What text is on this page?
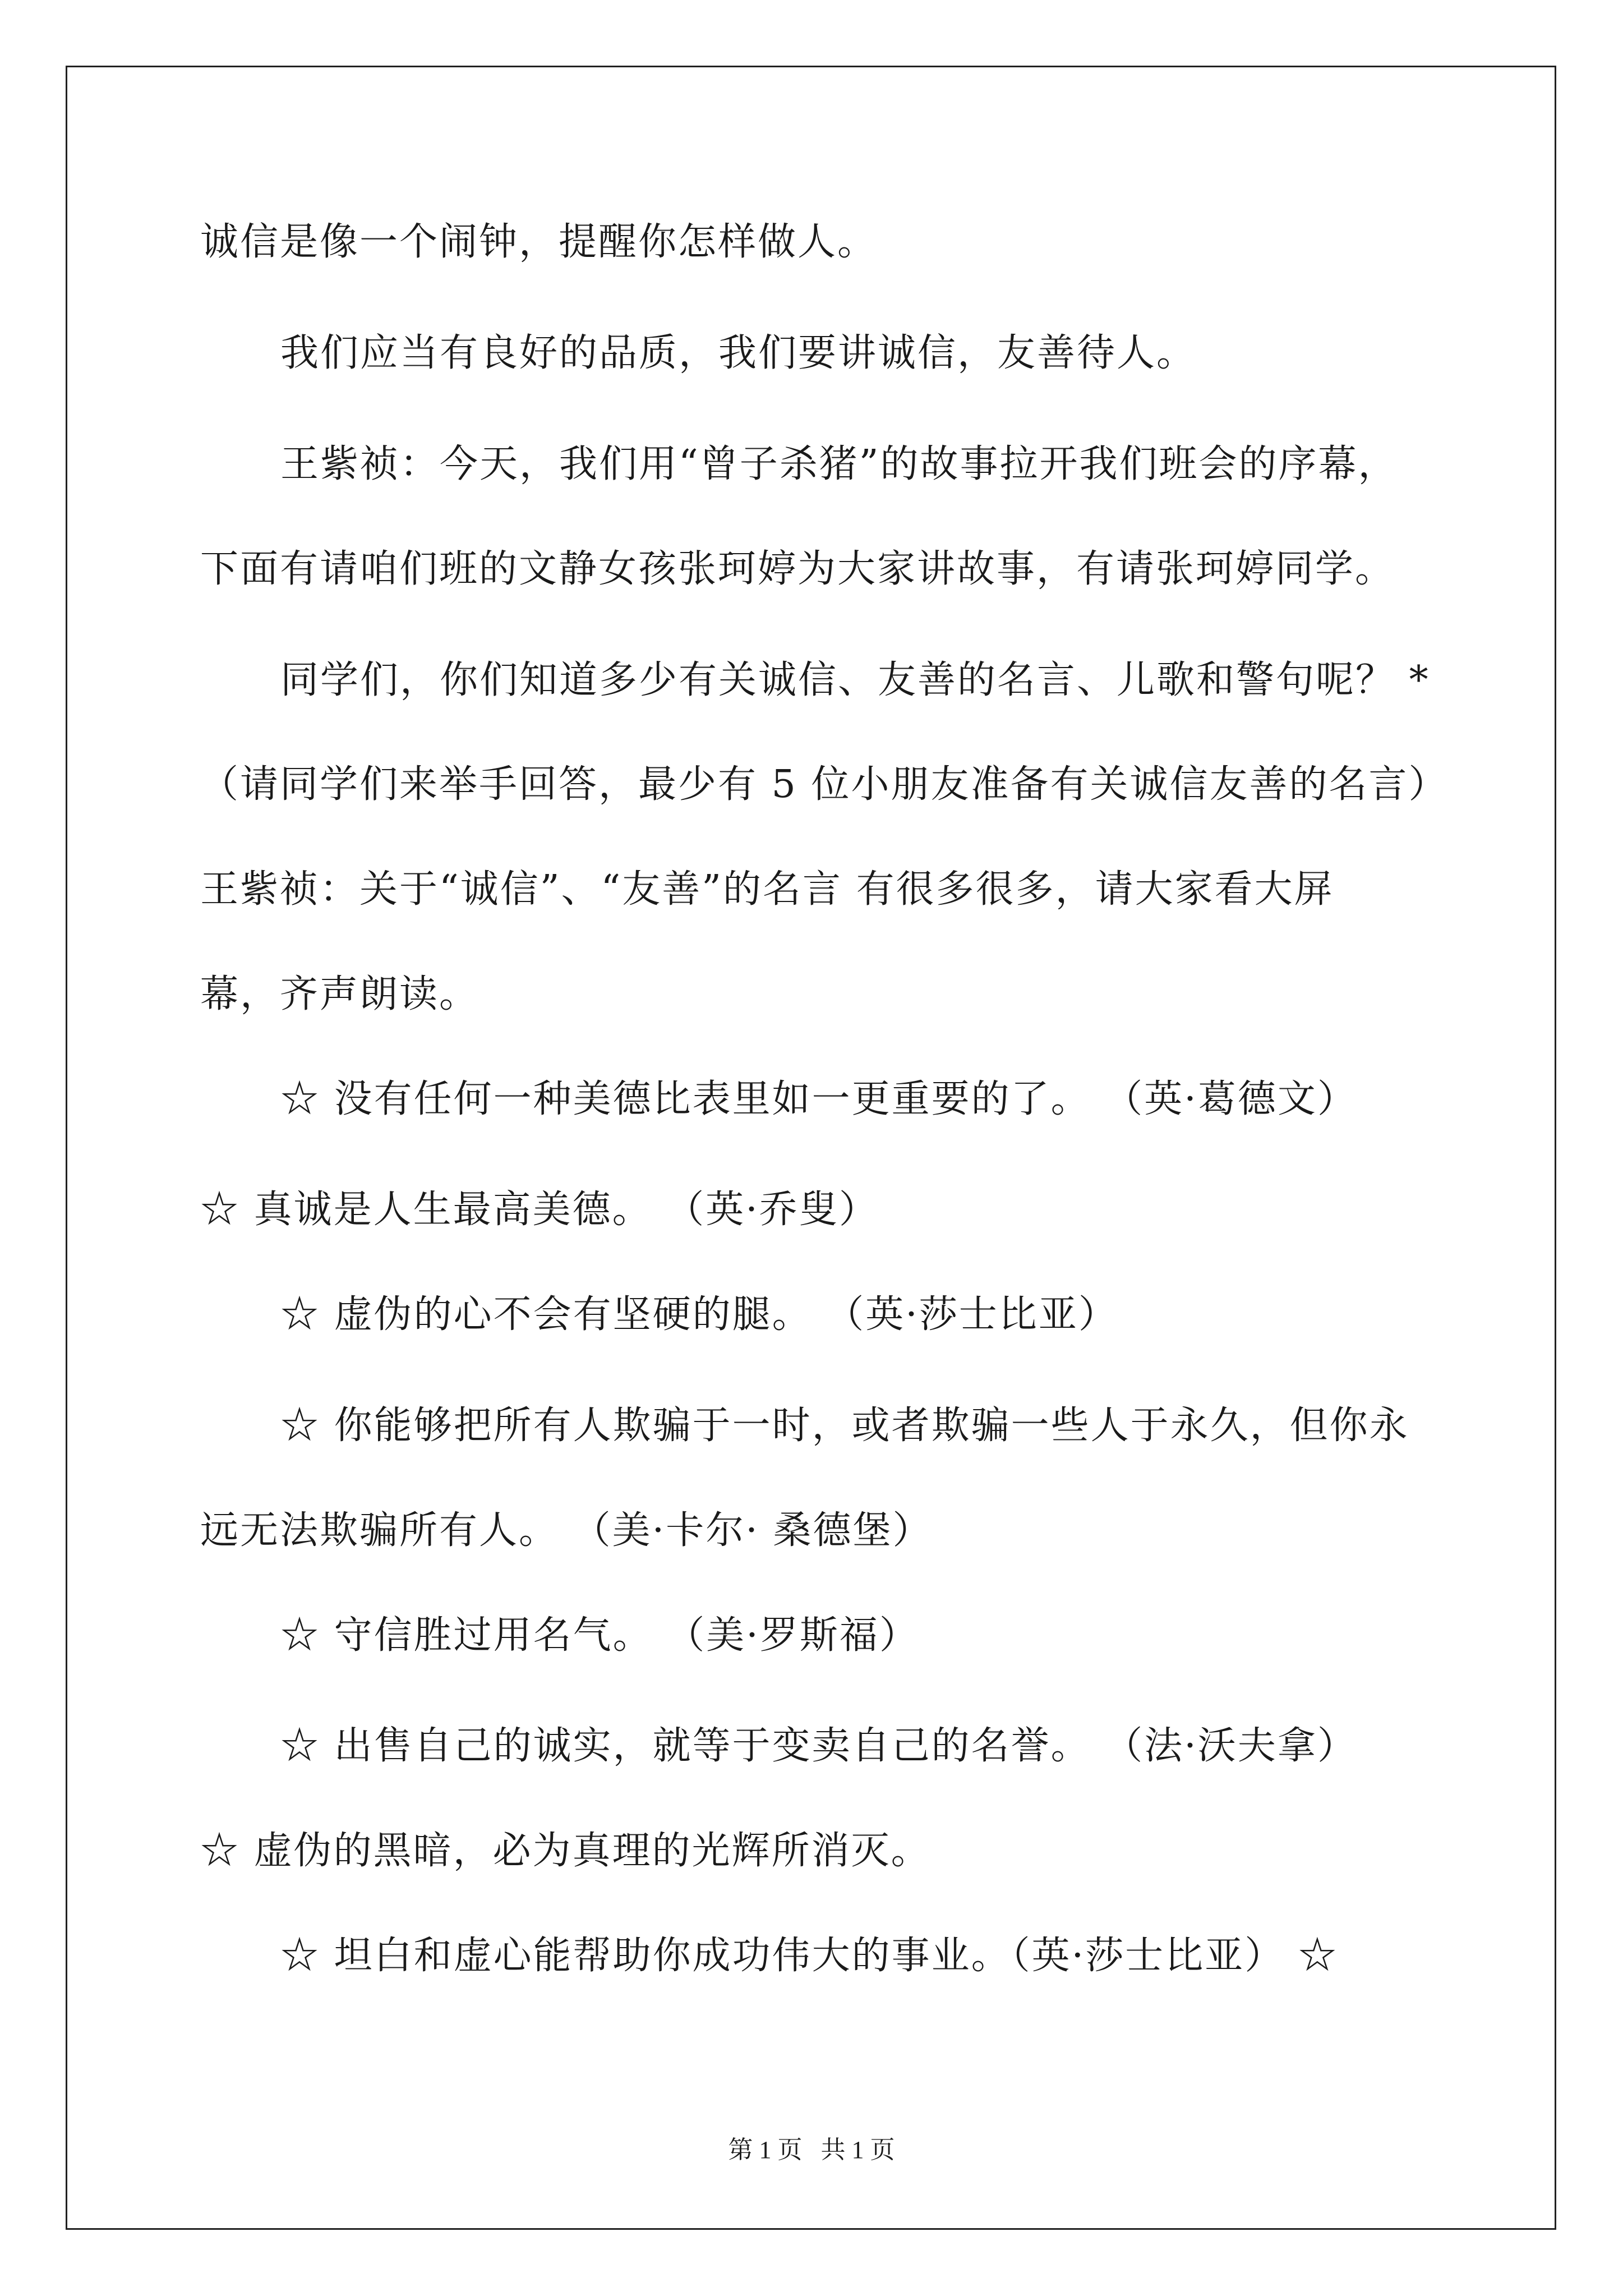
诚信是像一个闹钟，提醒你怎样做人。
我们应当有良好的品质，我们要讲诚信，友善待人。
王紫祯：今天，我们用“曾子杀猪”的故事拉开我们班会的序幕，
下面有请咱们班的文静女孩张珂婷为大家讲故事，有请张珂婷同学。
同学们，你们知道多少有关诚信、友善的名言、儿歌和警句呢？ *
（请同学们来举手回答，最少有 5 位小朋友准备有关诚信友善的名言）
王紫祯：关于“诚信”、“友善”的名言 有很多很多，请大家看大屏
幕，齐声朗读。
☆ 没有任何一种美德比表里如一更重要的了。 （英·葛德文）
☆ 真诚是人生最高美德。 （英·乔叟）
☆ 虚伪的心不会有坚硬的腿。 （英·莎士比亚）
☆ 你能够把所有人欺骗于一时，或者欺骗一些人于永久，但你永
远无法欺骗所有人。 （美·卡尔· 桑德堡）
☆ 守信胜过用名气。 （美·罗斯福）
☆ 出售自己的诚实，就等于变卖自己的名誉。 （法·沃夫拿）
☆ 虚伪的黑暗，必为真理的光辉所消灭。
☆ 坦白和虚心能帮助你成功伟大的事业。（英·莎士比亚） ☆
第 1 页   共 1 页
